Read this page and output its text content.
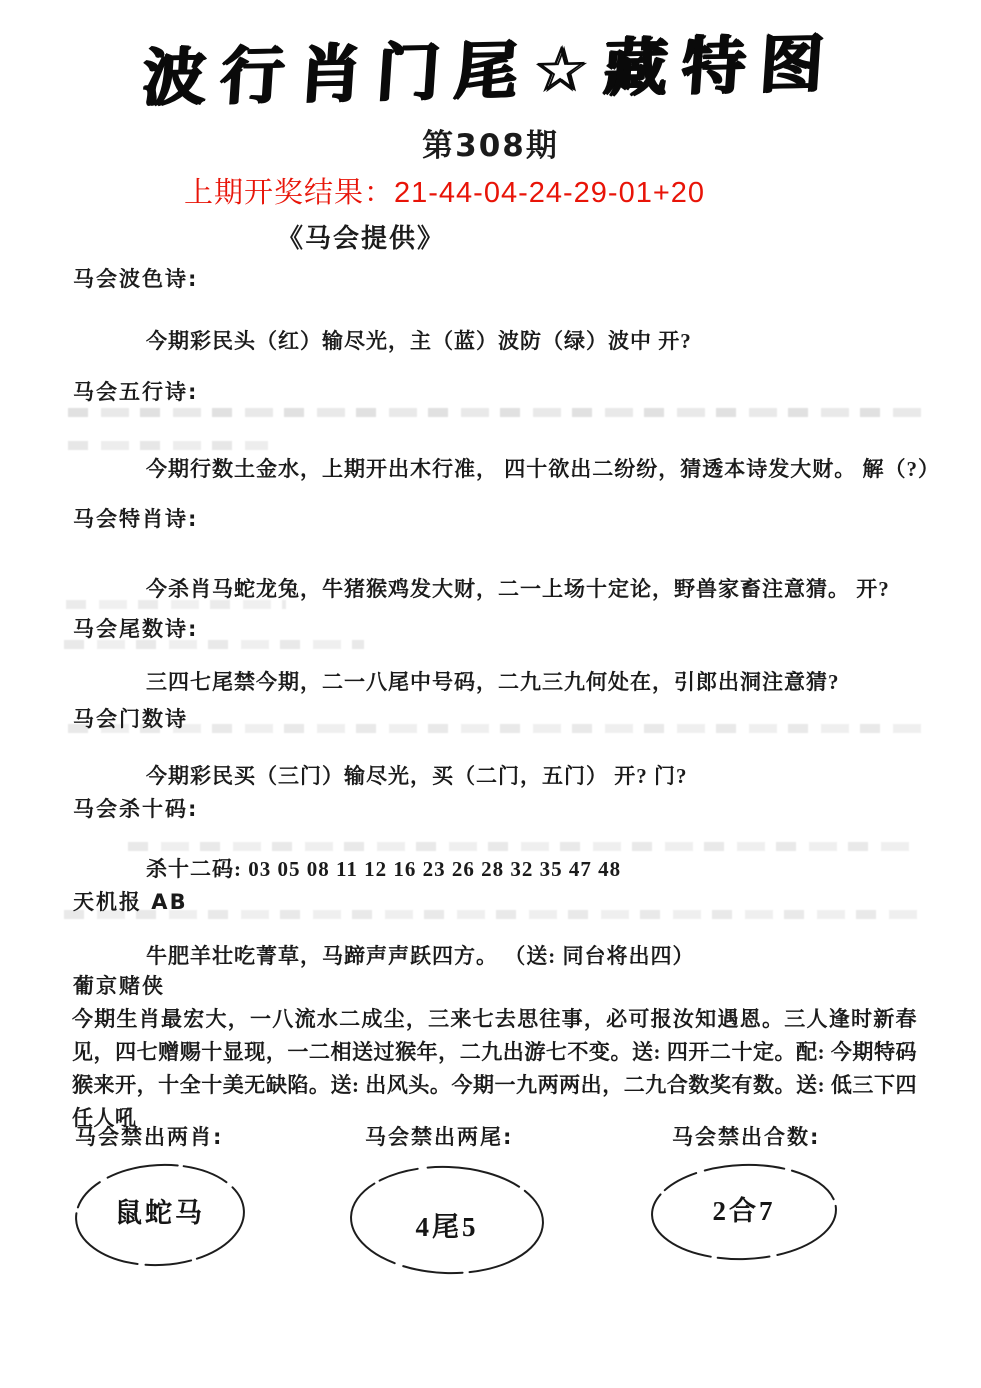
波行肖门尾☆藏特图
第308期
上期开奖结果：21-44-04-24-29-01+20
《马会提供》
马会波色诗:
今期彩民头（红）输尽光，主（蓝）波防（绿）波中 开?
马会五行诗:
今期行数土金水，上期开出木行准， 四十欲出二纷纷，猜透本诗发大财。 解（?）
马会特肖诗:
今杀肖马蛇龙兔，牛猪猴鸡发大财，二一上场十定论，野兽家畜注意猜。 开?
马会尾数诗:
三四七尾禁今期，二一八尾中号码，二九三九何处在，引郎出洞注意猜?
马会门数诗
今期彩民买（三门）输尽光，买（二门，五门） 开? 门?
马会杀十码:
杀十二码: 03 05 08 11 12 16 23 26 28 32 35 47 48
天机报 AB
牛肥羊壮吃菁草，马蹄声声跃四方。 （送: 同台将出四）
葡京赌侠
今期生肖最宏大，一八流水二成尘，三来七去思往事，必可报汝知遇恩。三人逢时新春见，四七赠赐十显现，一二相送过猴年，二九出游七不变。送: 四开二十定。配: 今期特码猴来开，十全十美无缺陷。送: 出风头。今期一九两两出，二九合数奖有数。送: 低三下四任人吼
马会禁出两肖:	马会禁出两尾:	马会禁出合数:
鼠蛇马	4尾5
2合7
